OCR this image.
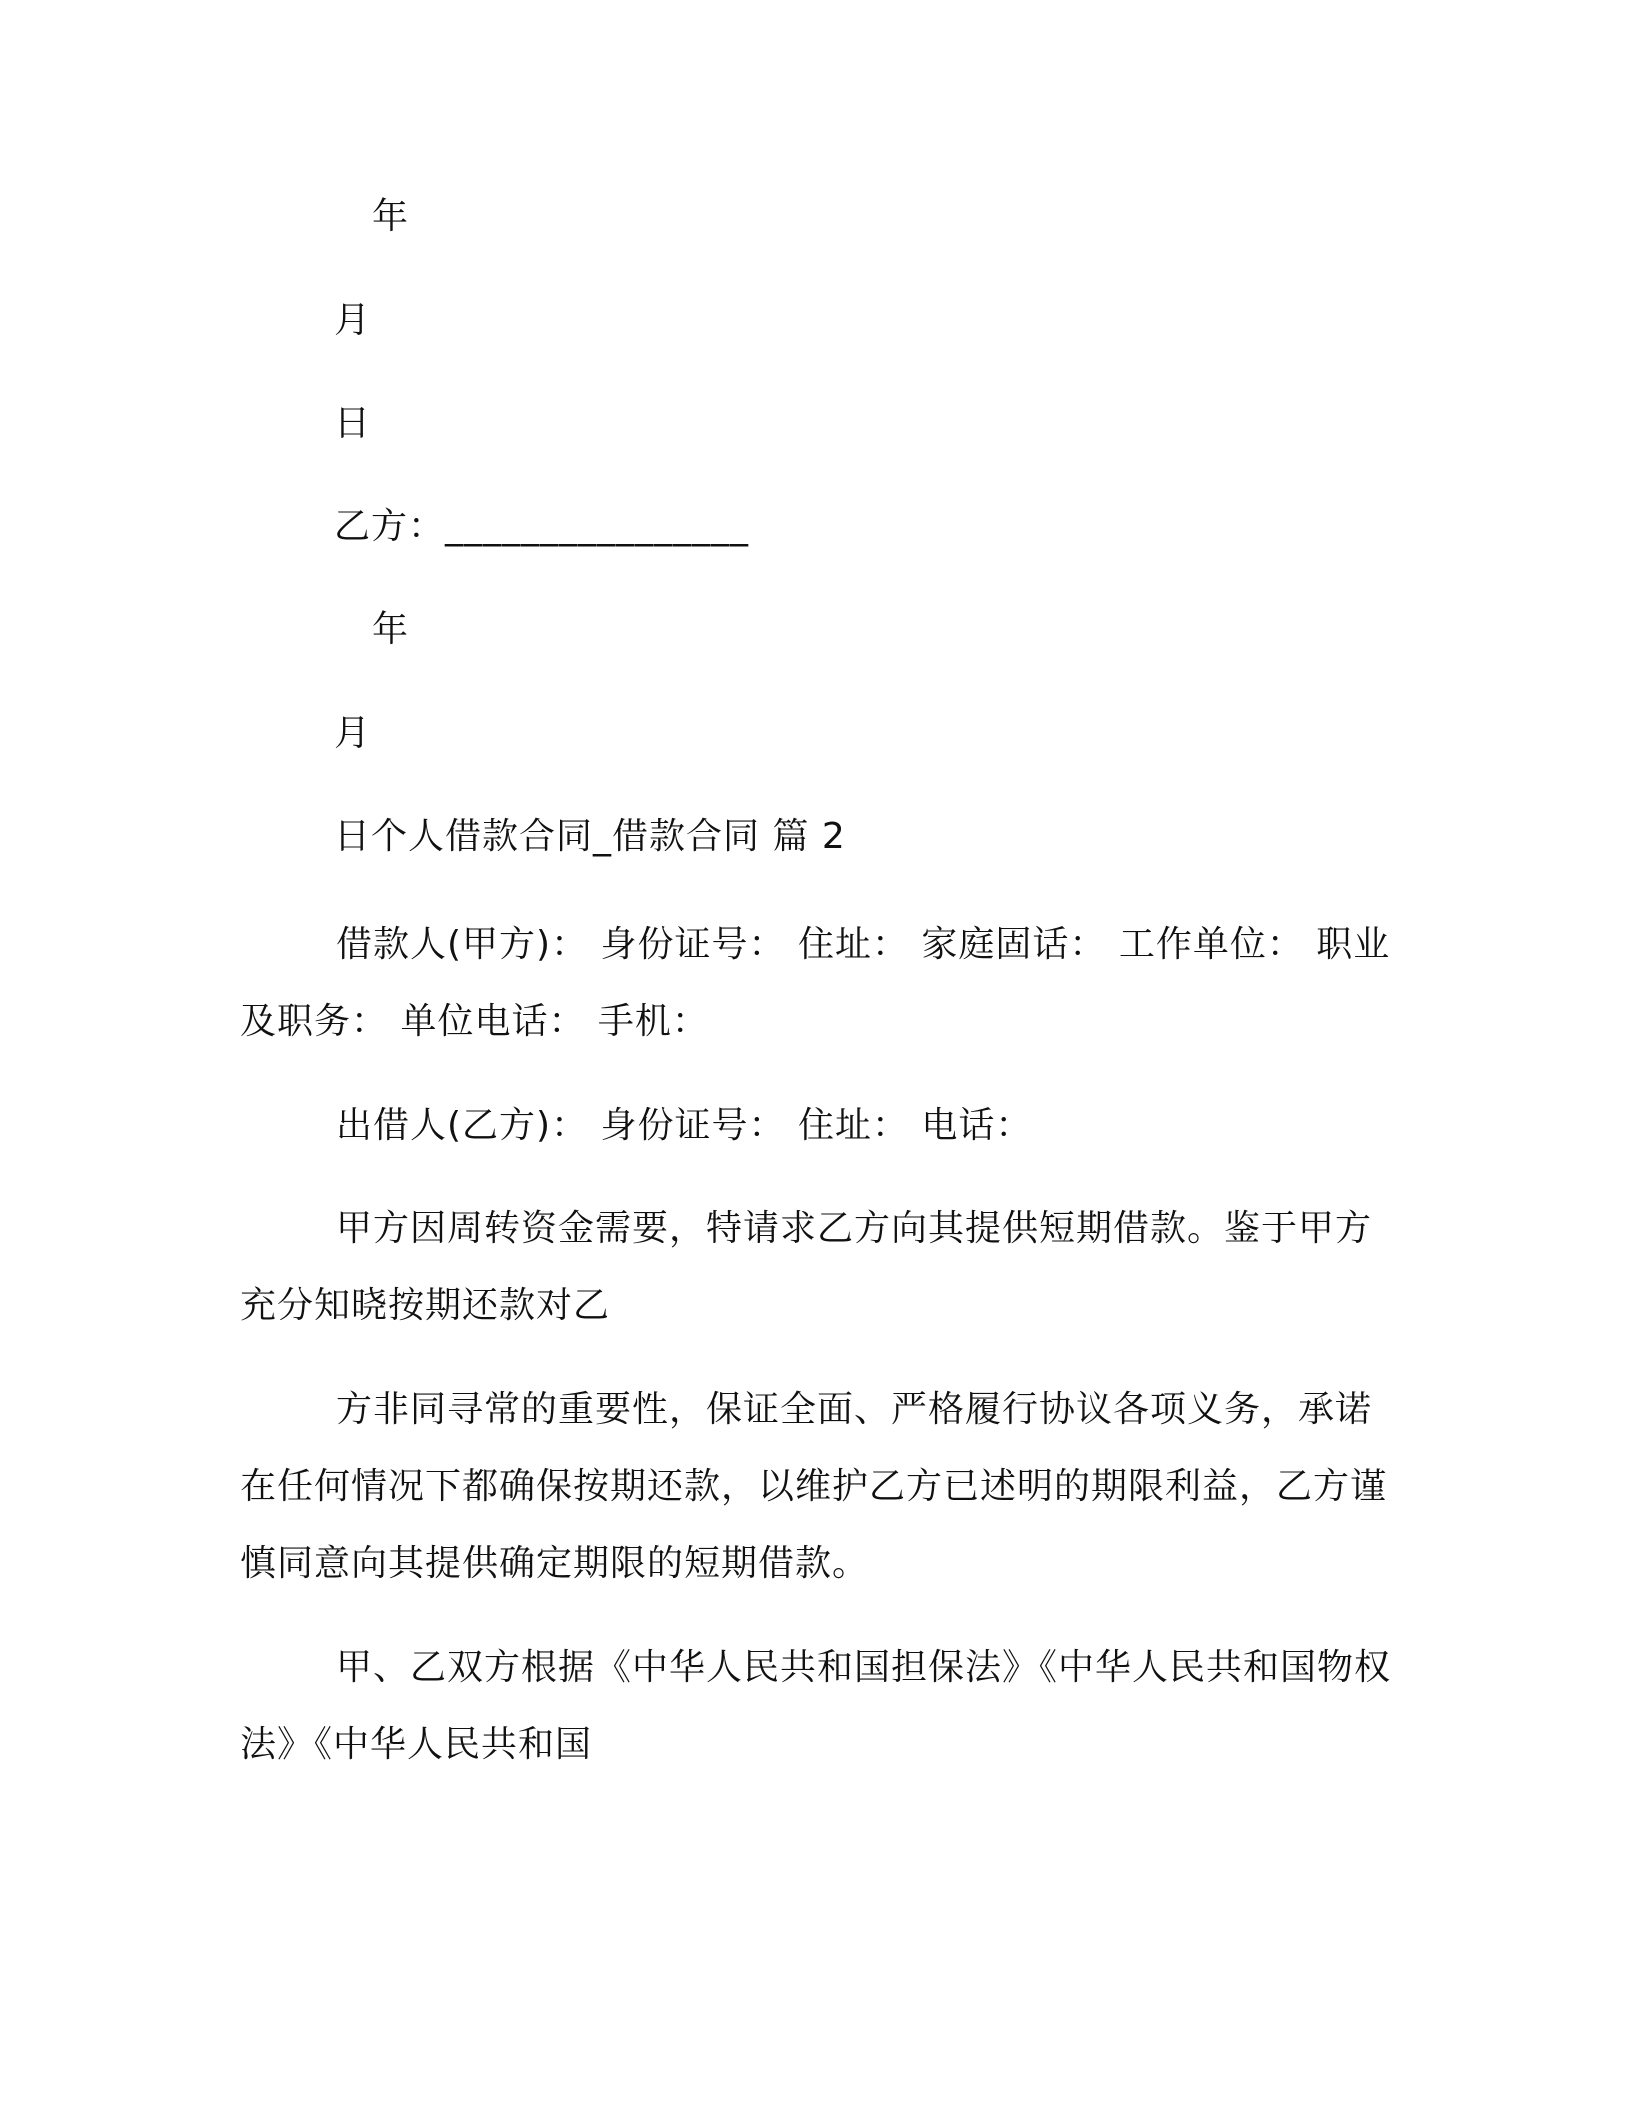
年
月
日
乙方：________________
年
月
日个人借款合同_借款合同 篇 2

借款人(甲方)： 身份证号： 住址： 家庭固话： 工作单位： 职业及职务： 单位电话： 手机：

出借人(乙方)： 身份证号： 住址： 电话：

甲方因周转资金需要，特请求乙方向其提供短期借款。鉴于甲方充分知晓按期还款对乙

方非同寻常的重要性，保证全面、严格履行协议各项义务，承诺在任何情况下都确保按期还款，以维护乙方已述明的期限利益，乙方谨慎同意向其提供确定期限的短期借款。

甲、乙双方根据《中华人民共和国担保法》《中华人民共和国物权法》《中华人民共和国
